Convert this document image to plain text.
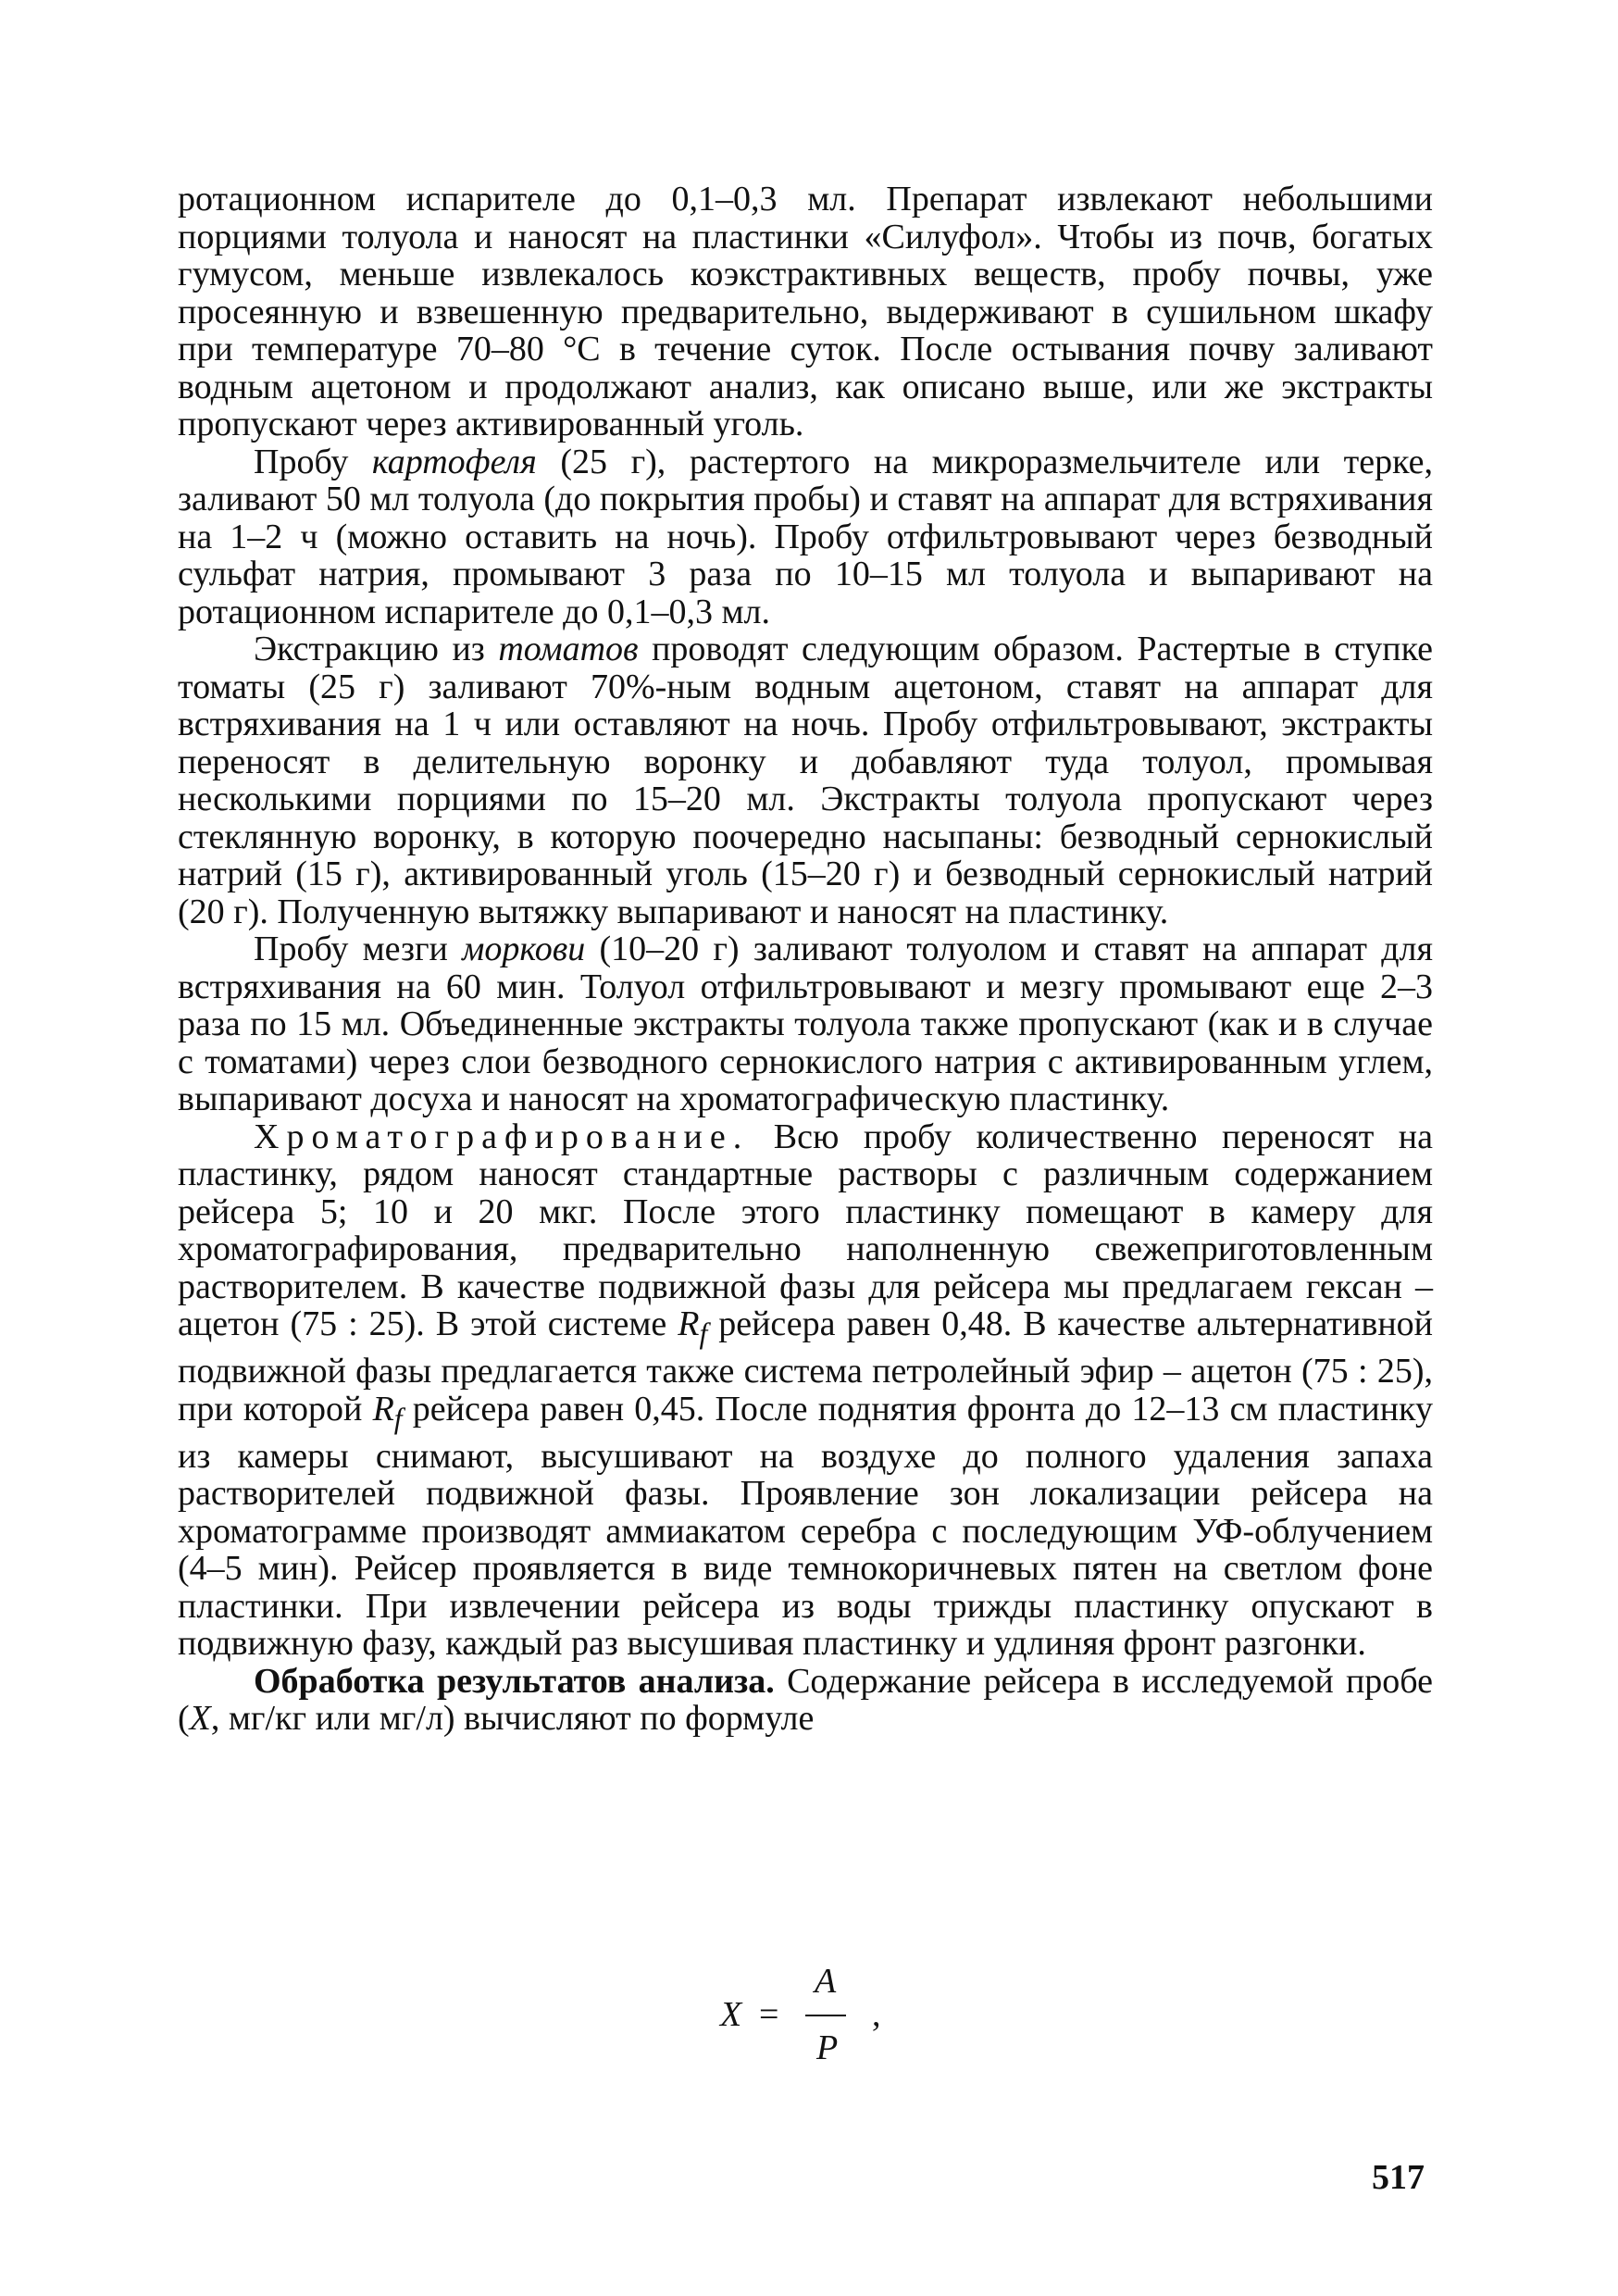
ротационном испарителе до 0,1–0,3 мл. Препарат извлекают небольшими порциями толуола и наносят на пластинки «Силуфол». Чтобы из почв, богатых гумусом, меньше извлекалось коэкстрактивных веществ, пробу почвы, уже просеянную и взвешенную предварительно, выдерживают в сушильном шкафу при температуре 70–80 °С в течение суток. После остывания почву заливают водным ацетоном и продолжают анализ, как описано выше, или же экстракты пропускают через активированный уголь.

Пробу картофеля (25 г), растертого на микроразмельчителе или терке, заливают 50 мл толуола (до покрытия пробы) и ставят на аппарат для встряхивания на 1–2 ч (можно оставить на ночь). Пробу отфильтровывают через безводный сульфат натрия, промывают 3 раза по 10–15 мл толуола и выпаривают на ротационном испарителе до 0,1–0,3 мл.

Экстракцию из томатов проводят следующим образом. Растертые в ступке томаты (25 г) заливают 70%-ным водным ацетоном, ставят на аппарат для встряхивания на 1 ч или оставляют на ночь. Пробу отфильтровывают, экстракты переносят в делительную воронку и добавляют туда толуол, промывая несколькими порциями по 15–20 мл. Экстракты толуола пропускают через стеклянную воронку, в которую поочередно насыпаны: безводный сернокислый натрий (15 г), активированный уголь (15–20 г) и безводный сернокислый натрий (20 г). Полученную вытяжку выпаривают и наносят на пластинку.

Пробу мезги моркови (10–20 г) заливают толуолом и ставят на аппарат для встряхивания на 60 мин. Толуол отфильтровывают и мезгу промывают еще 2–3 раза по 15 мл. Объединенные экстракты толуола также пропускают (как и в случае с томатами) через слои безводного сернокислого натрия с активированным углем, выпаривают досуха и наносят на хроматографическую пластинку.

Хроматографирование. Всю пробу количественно переносят на пластинку, рядом наносят стандартные растворы с различным содержанием рейсера 5; 10 и 20 мкг. После этого пластинку помещают в камеру для хроматографирования, предварительно наполненную свежеприготовленным растворителем. В качестве подвижной фазы для рейсера мы предлагаем гексан – ацетон (75 : 25). В этой системе $R_f$ рейсера равен 0,48. В качестве альтернативной подвижной фазы предлагается также система петролейный эфир – ацетон (75 : 25), при которой $R_f$ рейсера равен 0,45. После поднятия фронта до 12–13 см пластинку из камеры снимают, высушивают на воздухе до полного удаления запаха растворителей подвижной фазы. Проявление зон локализации рейсера на хроматограмме производят аммиакатом серебра с последующим УФ-облучением (4–5 мин). Рейсер проявляется в виде темнокоричневых пятен на светлом фоне пластинки. При извлечении рейсера из воды трижды пластинку опускают в подвижную фазу, каждый раз высушивая пластинку и удлиняя фронт разгонки.

Обработка результатов анализа. Содержание рейсера в исследуемой пробе (X, мг/кг или мг/л) вычисляют по формуле

X =
A
P
,
517
